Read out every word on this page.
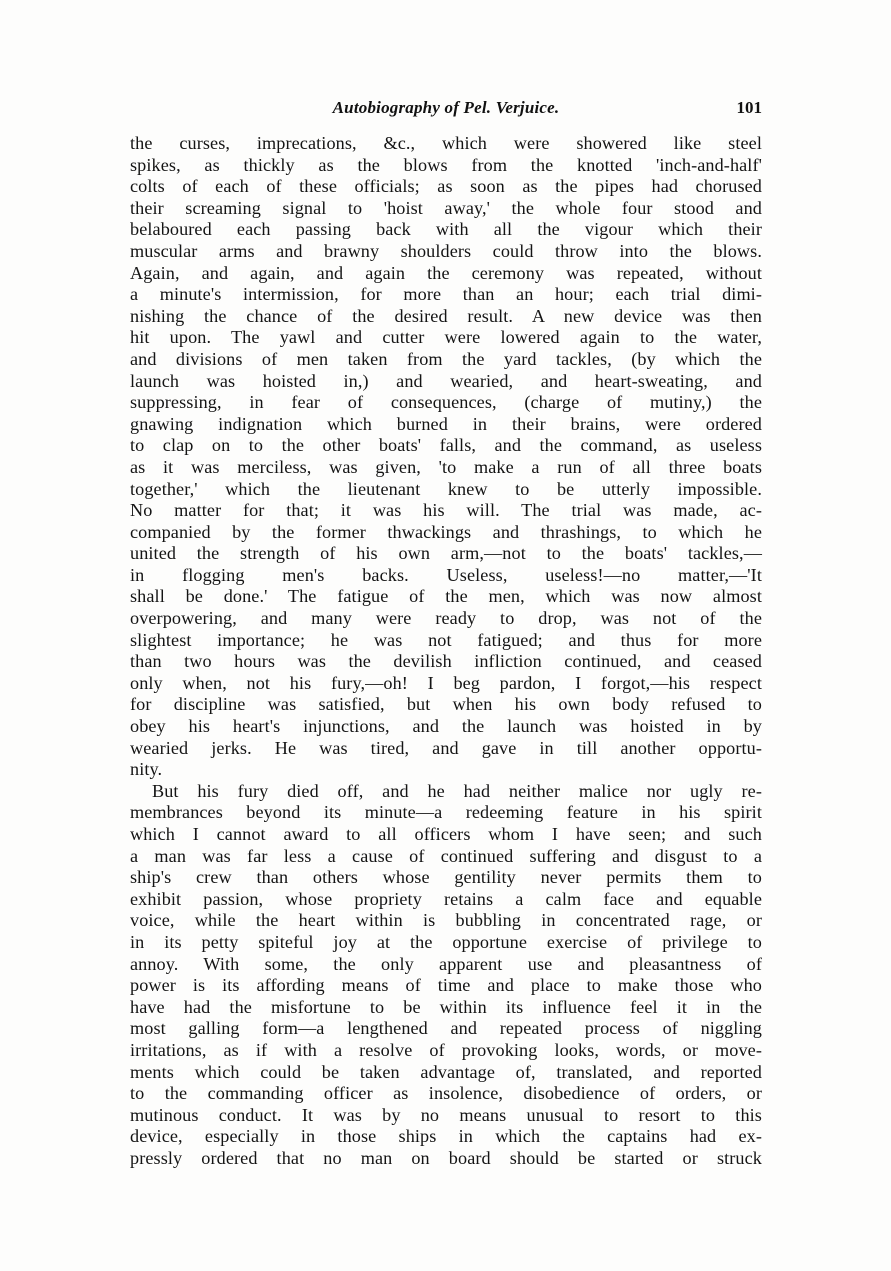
Autobiography of Pel. Verjuice.	101
the curses, imprecations, &c., which were showered like steel
spikes, as thickly as the blows from the knotted 'inch-and-half'
colts of each of these officials; as soon as the pipes had chorused
their screaming signal to 'hoist away,' the whole four stood and
belaboured each passing back with all the vigour which their
muscular arms and brawny shoulders could throw into the blows.
Again, and again, and again the ceremony was repeated, without
a minute's intermission, for more than an hour; each trial dimi-
nishing the chance of the desired result. A new device was then
hit upon. The yawl and cutter were lowered again to the water,
and divisions of men taken from the yard tackles, (by which the
launch was hoisted in,) and wearied, and heart-sweating, and
suppressing, in fear of consequences, (charge of mutiny,) the
gnawing indignation which burned in their brains, were ordered
to clap on to the other boats' falls, and the command, as useless
as it was merciless, was given, 'to make a run of all three boats
together,' which the lieutenant knew to be utterly impossible.
No matter for that; it was his will. The trial was made, ac-
companied by the former thwackings and thrashings, to which he
united the strength of his own arm,—not to the boats' tackles,—
in flogging men's backs. Useless, useless!—no matter,—'It
shall be done.' The fatigue of the men, which was now almost
overpowering, and many were ready to drop, was not of the
slightest importance; he was not fatigued; and thus for more
than two hours was the devilish infliction continued, and ceased
only when, not his fury,—oh! I beg pardon, I forgot,—his respect
for discipline was satisfied, but when his own body refused to
obey his heart's injunctions, and the launch was hoisted in by
wearied jerks. He was tired, and gave in till another opportu-
nity.
But his fury died off, and he had neither malice nor ugly re-
membrances beyond its minute—a redeeming feature in his spirit
which I cannot award to all officers whom I have seen; and such
a man was far less a cause of continued suffering and disgust to a
ship's crew than others whose gentility never permits them to
exhibit passion, whose propriety retains a calm face and equable
voice, while the heart within is bubbling in concentrated rage, or
in its petty spiteful joy at the opportune exercise of privilege to
annoy. With some, the only apparent use and pleasantness of
power is its affording means of time and place to make those who
have had the misfortune to be within its influence feel it in the
most galling form—a lengthened and repeated process of niggling
irritations, as if with a resolve of provoking looks, words, or move-
ments which could be taken advantage of, translated, and reported
to the commanding officer as insolence, disobedience of orders, or
mutinous conduct. It was by no means unusual to resort to this
device, especially in those ships in which the captains had ex-
pressly ordered that no man on board should be started or struck
